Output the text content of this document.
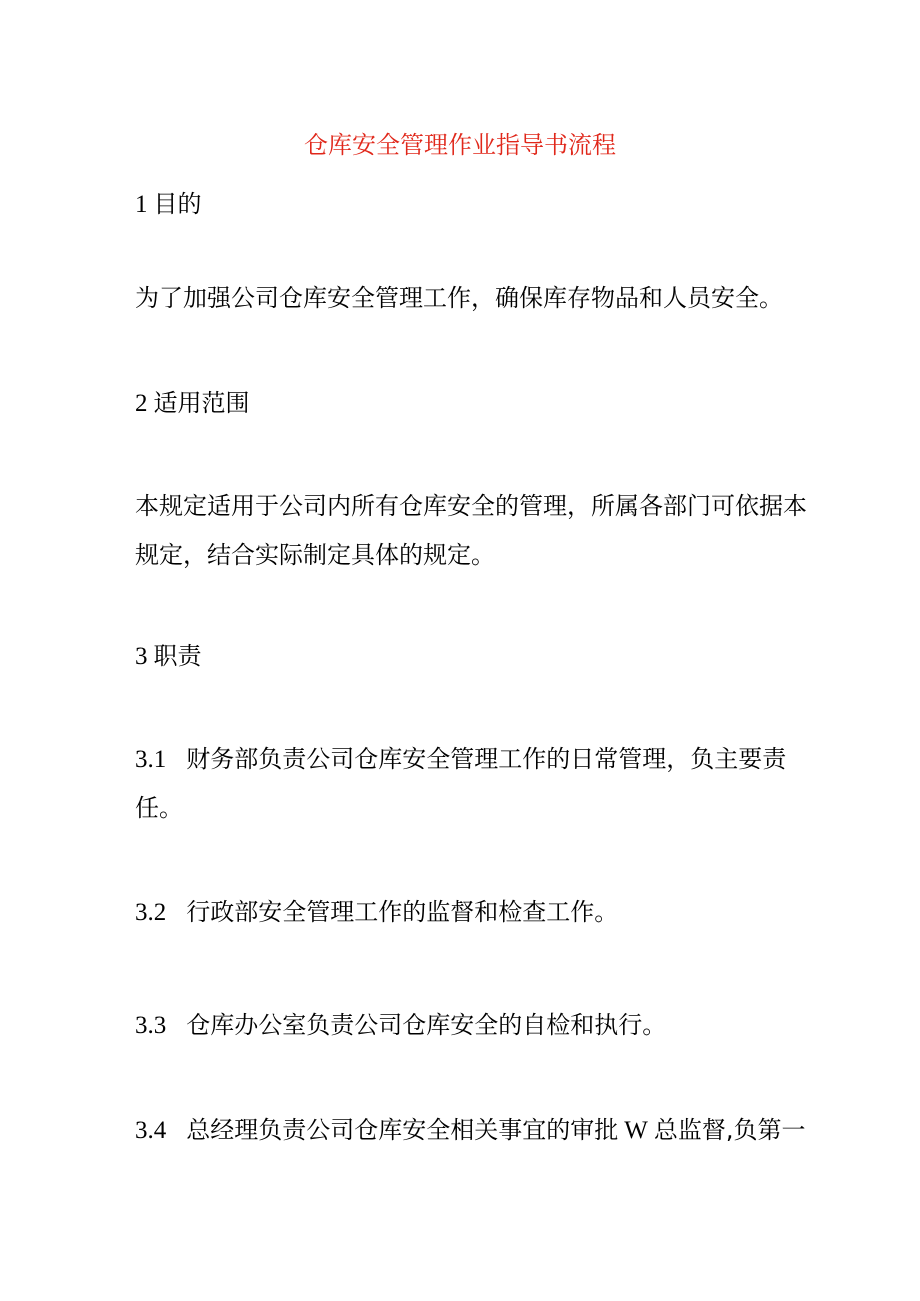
仓库安全管理作业指导书流程
1 目的
为了加强公司仓库安全管理工作，确保库存物品和人员安全。
2 适用范围
本规定适用于公司内所有仓库安全的管理，所属各部门可依据本
规定，结合实际制定具体的规定。
3 职责
3.1 财务部负责公司仓库安全管理工作的日常管理，负主要责
任。
3.2 行政部安全管理工作的监督和检查工作。
3.3 仓库办公室负责公司仓库安全的自检和执行。
3.4 总经理负责公司仓库安全相关事宜的审批 W 总监督,负第一
